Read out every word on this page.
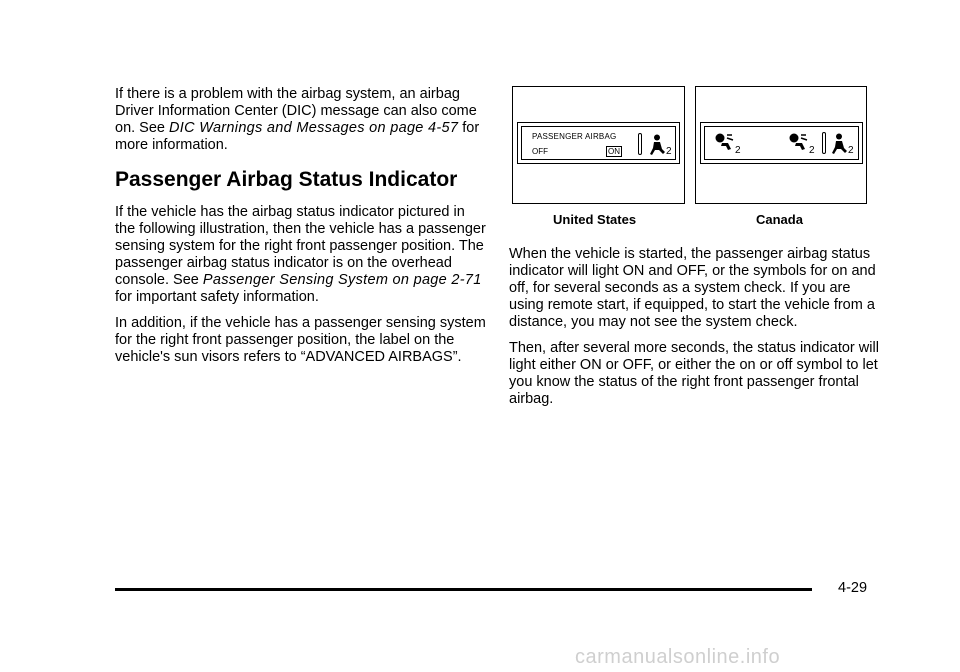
If there is a problem with the airbag system, an airbag Driver Information Center (DIC) message can also come on. See DIC Warnings and Messages on page 4‑57 for more information.

Passenger Airbag Status Indicator

If the vehicle has the airbag status indicator pictured in the following illustration, then the vehicle has a passenger sensing system for the right front passenger position. The passenger airbag status indicator is on the overhead console. See Passenger Sensing System on page 2‑71 for important safety information.

In addition, if the vehicle has a passenger sensing system for the right front passenger position, the label on the vehicle's sun visors refers to “ADVANCED AIRBAGS”.

PASSENGER AIRBAG
OFF	ON	2	2	2	2
United States	Canada

When the vehicle is started, the passenger airbag status indicator will light ON and OFF, or the symbols for on and off, for several seconds as a system check. If you are using remote start, if equipped, to start the vehicle from a distance, you may not see the system check.

Then, after several more seconds, the status indicator will light either ON or OFF, or either the on or off symbol to let you know the status of the right front passenger frontal airbag.

4-29
carmanualsonline.info
